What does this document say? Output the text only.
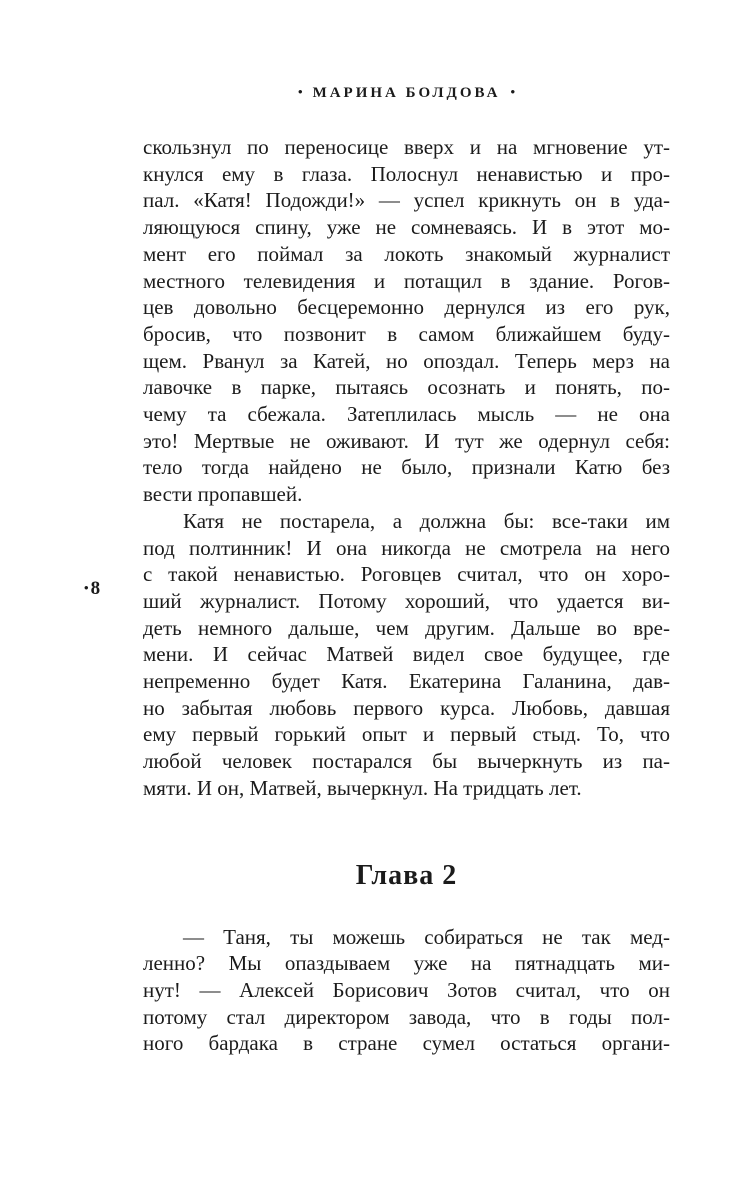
• МАРИНА БОЛДОВА •
• 8
скользнул по переносице вверх и на мгновение ут-
кнулся ему в глаза. Полоснул ненавистью и про-
пал. «Катя! Подожди!» — успел крикнуть он в уда-
ляющуюся спину, уже не сомневаясь. И в этот мо-
мент его поймал за локоть знакомый журналист
местного телевидения и потащил в здание. Рогов-
цев довольно бесцеремонно дернулся из его рук,
бросив, что позвонит в самом ближайшем буду-
щем. Рванул за Катей, но опоздал. Теперь мерз на
лавочке в парке, пытаясь осознать и понять, по-
чему та сбежала. Затеплилась мысль — не она
это! Мертвые не оживают. И тут же одернул себя:
тело тогда найдено не было, признали Катю без
вести пропавшей.
Катя не постарела, а должна бы: все-таки им
под полтинник! И она никогда не смотрела на него
с такой ненавистью. Роговцев считал, что он хоро-
ший журналист. Потому хороший, что удается ви-
деть немного дальше, чем другим. Дальше во вре-
мени. И сейчас Матвей видел свое будущее, где
непременно будет Катя. Екатерина Галанина, дав-
но забытая любовь первого курса. Любовь, давшая
ему первый горький опыт и первый стыд. То, что
любой человек постарался бы вычеркнуть из па-
мяти. И он, Матвей, вычеркнул. На тридцать лет.
Глава 2
— Таня, ты можешь собираться не так мед-
ленно? Мы опаздываем уже на пятнадцать ми-
нут! — Алексей Борисович Зотов считал, что он
потому стал директором завода, что в годы пол-
ного бардака в стране сумел остаться органи-
